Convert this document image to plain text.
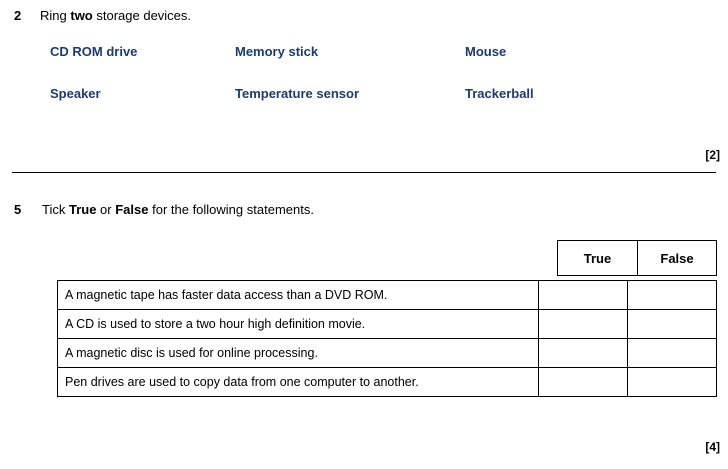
2	Ring two storage devices.
CD ROM drive	Memory stick	Mouse
Speaker	Temperature sensor	Trackerball
[2]
5	Tick True or False for the following statements.
True	False
A magnetic tape has faster data access than a DVD ROM.		
A CD is used to store a two hour high definition movie.		
A magnetic disc is used for online processing.		
Pen drives are used to copy data from one computer to another.		
[4]
